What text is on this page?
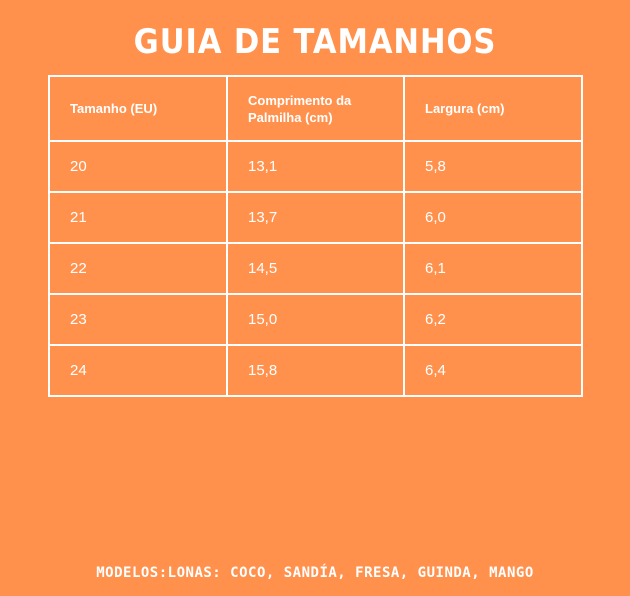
GUIA DE TAMANHOS
Tamanho (EU)	Comprimento da Palmilha (cm)	Largura (cm)
20	13,1	5,8
21	13,7	6,0
22	14,5	6,1
23	15,0	6,2
24	15,8	6,4
MODELOS:LONAS: COCO, SANDÍA, FRESA, GUINDA, MANGO
